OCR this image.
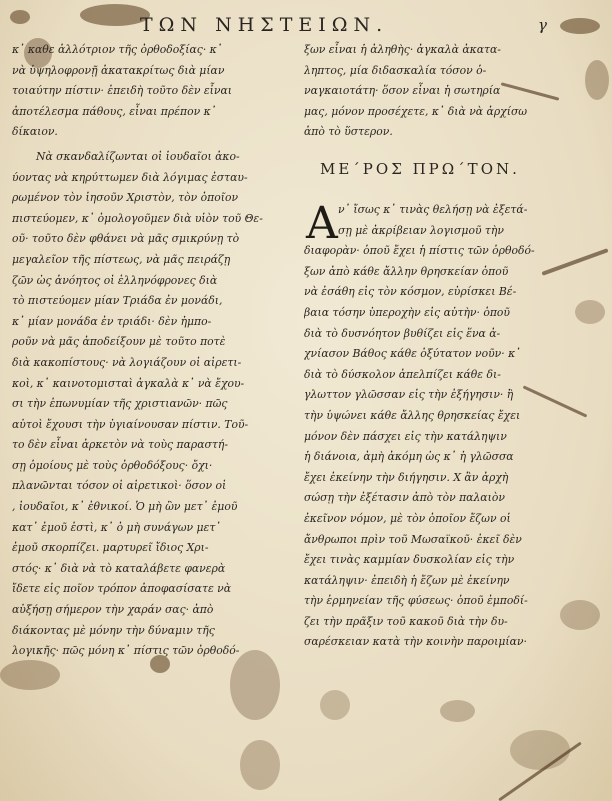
ΤΩΝ ΝΗΣΤΕΙΩΝ.	γ
κ᾽ καθε ἀλλότριον τῆς ὀρθοδοξίας· κ᾽
νὰ ὑψηλοφρονῇ ἀκατακρίτως διὰ μίαν
τοιαύτην πίστιν· ἐπειδὴ τοῦτο δὲν εἶναι
ἀποτέλεσμα πάθους, εἶναι πρέπον κ᾽
δίκαιον.
Νὰ σκανδαλίζωνται οἱ ἰουδαῖοι ἀκο-
ύοντας νὰ κηρύττωμεν διὰ λόγιμας ἐσταυ-
ρωμένον τὸν ἰησοῦν Χριστὸν, τὸν ὁποῖον
πιστεύομεν, κ᾽ ὁμολογοῦμεν διὰ υἱὸν τοῦ Θε-
οῦ· τοῦτο δὲν φθάνει νὰ μᾶς σμικρύνῃ τὸ
μεγαλεῖον τῆς πίστεως, νὰ μᾶς πειράζῃ
ζῶν ὡς ἀνόητος οἱ ἑλληνόφρονες διὰ
τὸ πιστεύομεν μίαν Τριάδα ἐν μονάδι,
κ᾽ μίαν μονάδα ἐν τριάδι· δὲν ἠμπο-
ροῦν νὰ μᾶς ἀποδείξουν μὲ τοῦτο ποτὲ
διὰ κακοπίστους· νὰ λογιάζουν οἱ αἱρετι-
κοὶ, κ᾽ καινοτομισταὶ ἀγκαλὰ κ᾽ νὰ ἔχου-
σι τὴν ἐπωνυμίαν τῆς χριστιανῶν· πῶς
αὐτοὶ ἔχουσι τὴν ὑγιαίνουσαν πίστιν. Τοῦ-
το δὲν εἶναι ἀρκετὸν νὰ τοὺς παραστή-
σῃ ὁμοίους μὲ τοὺς ὀρθοδόξους· ὄχι·
πλανῶνται τόσον οἱ αἱρετικοὶ· ὅσον οἱ
, ἰουδαῖοι, κ᾽ ἐθνικοί. Ὁ μὴ ὢν μετ᾽ ἐμοῦ
κατ᾽ ἐμοῦ ἐστὶ, κ᾽ ὁ μὴ συνάγων μετ᾽
ἐμοῦ σκορπίζει. μαρτυρεῖ ἴδιος Χρι-
στός· κ᾽ διὰ νὰ τὸ καταλάβετε φανερὰ
ἴδετε εἰς ποῖον τρόπον ἀποφασίσατε νὰ
αὐξήσῃ σήμερον τὴν χαράν σας· ἀπὸ
διάκοντας μὲ μόνην τὴν δύναμιν τῆς
λογικῆς· πῶς μόνη κ᾽ πίστις τῶν ὀρθοδό-
ξων εἶναι ἡ ἀληθὴς· ἀγκαλὰ ἀκατα-
ληπτος, μία διδασκαλία τόσον ὁ-
ναγκαιοτάτη· ὅσον εἶναι ἡ σωτηρία
μας, μόνον προσέχετε, κ᾽ διὰ νὰ ἀρχίσω
ἀπὸ τὸ ὕστερον.
ΜΕ´ΡΟΣ ΠΡΩ´ΤΟΝ.
Α ν᾽ ἴσως κ᾽ τινὰς θελήσῃ νὰ ἐξετά-
σῃ μὲ ἀκρίβειαν λογισμοῦ τὴν
διαφορὰν· ὁποῦ ἔχει ἡ πίστις τῶν ὀρθοδό-
ξων ἀπὸ κάθε ἄλλην θρησκείαν ὁποῦ
νὰ ἐσάθη εἰς τὸν κόσμον, εὑρίσκει Βέ-
βαια τόσην ὑπεροχὴν εἰς αὐτὴν· ὁποῦ
διὰ τὸ δυσνόητον βυθίζει εἰς ἕνα ἀ-
χνίασον Βάθος κάθε ὀξύτατον νοῦν· κ᾽
διὰ τὸ δύσκολον ἀπελπίζει κάθε δι-
γλωττον γλῶσσαν εἰς τὴν ἐξήγησιν· ἢ
τὴν ὑψώνει κάθε ἄλλης θρησκείας ἔχει
μόνον δὲν πάσχει εἰς τὴν κατάληψιν
ἡ διάνοια, ἀμὴ ἀκόμη ὡς κ᾽ ἡ γλῶσσα
ἔχει ἐκείνην τὴν διήγησιν. Χ ἂν ἀρχὴ
σώσῃ τὴν ἐξέτασιν ἀπὸ τὸν παλαιὸν
ἐκεῖνον νόμον, μὲ τὸν ὁποῖον ἔζων οἱ
ἄνθρωποι πρὶν τοῦ Μωσαϊκοῦ· ἐκεῖ δὲν
ἔχει τινὰς καμμίαν δυσκολίαν εἰς τὴν
κατάληψιν· ἐπειδὴ ἡ ἔζων μὲ ἐκείνην
τὴν ἑρμηνείαν τῆς φύσεως· ὁποῦ ἐμποδί-
ζει τὴν πρᾶξιν τοῦ κακοῦ διὰ τὴν δυ-
σαρέσκειαν κατὰ τὴν κοινὴν παροιμίαν·
